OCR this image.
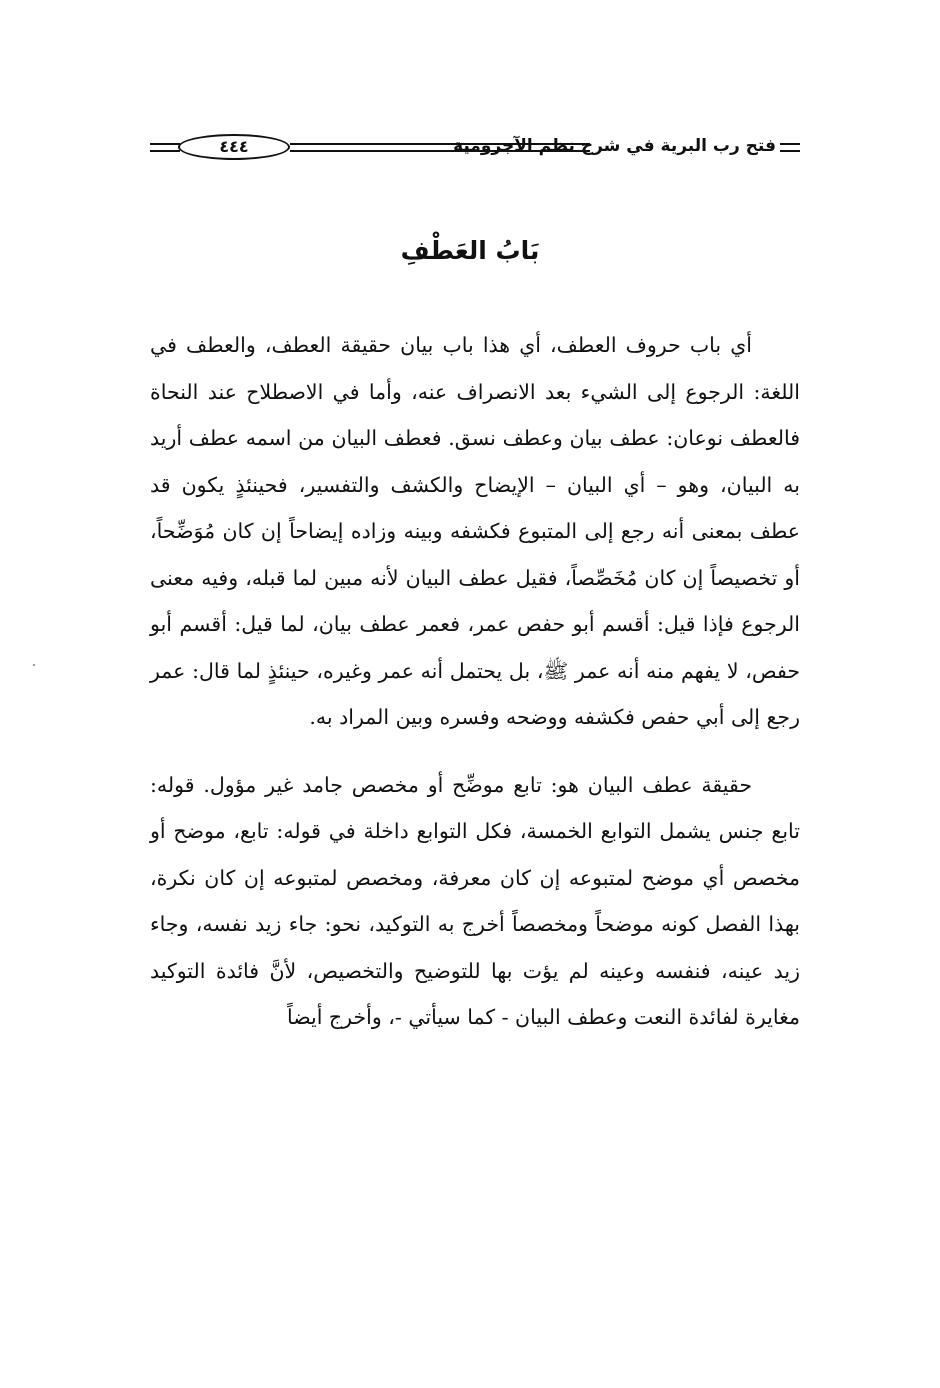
فتح رب البرية في شرح نظم الآجرومية
٤٤٤
بَابُ العَطْفِ

أي باب حروف العطف، أي هذا باب بيان حقيقة العطف، والعطف في اللغة: الرجوع إلى الشيء بعد الانصراف عنه، وأما في الاصطلاح عند النحاة فالعطف نوعان: عطف بيان وعطف نسق. فعطف البيان من اسمه عطف أريد به البيان، وهو – أي البيان – الإيضاح والكشف والتفسير، فحينئذٍ يكون قد عطف بمعنى أنه رجع إلى المتبوع فكشفه وبينه وزاده إيضاحاً إن كان مُوَضِّحاً، أو تخصيصاً إن كان مُخَصِّصاً، فقيل عطف البيان لأنه مبين لما قبله، وفيه معنى الرجوع فإذا قيل: أقسم أبو حفص عمر، فعمر عطف بيان، لما قيل: أقسم أبو حفص، لا يفهم منه أنه عمر ﷺ، بل يحتمل أنه عمر وغيره، حينئذٍ لما قال: عمر رجع إلى أبي حفص فكشفه ووضحه وفسره وبين المراد به.

حقيقة عطف البيان هو: تابع موضِّح أو مخصص جامد غير مؤول. قوله: تابع جنس يشمل التوابع الخمسة، فكل التوابع داخلة في قوله: تابع، موضح أو مخصص أي موضح لمتبوعه إن كان معرفة، ومخصص لمتبوعه إن كان نكرة، بهذا الفصل كونه موضحاً ومخصصاً أخرج به التوكيد، نحو: جاء زيد نفسه، وجاء زيد عينه، فنفسه وعينه لم يؤت بها للتوضيح والتخصيص، لأنَّ فائدة التوكيد مغايرة لفائدة النعت وعطف البيان - كما سيأتي -، وأخرج أيضاً
